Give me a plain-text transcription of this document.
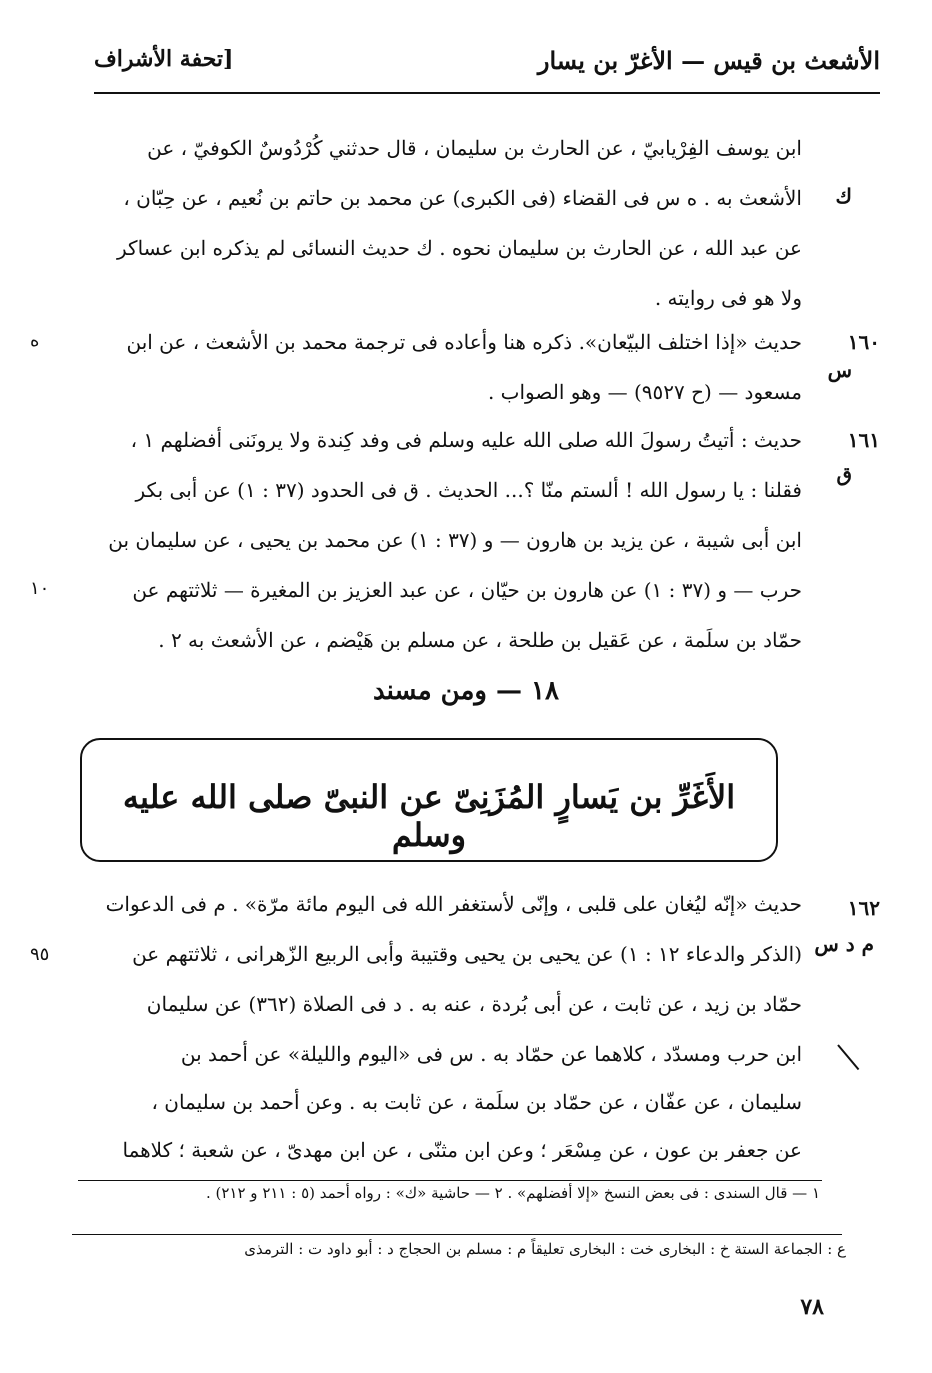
الأشعث بن قيس — الأغرّ بن يسار
[تحفة الأشراف
ابن يوسف الفِرْيابيّ ، عن الحارث بن سليمان ، قال حدثني كُرْدُوسٌ الكوفيّ ، عن
الأشعث به . ه س فى القضاء (فى الكبرى) عن محمد بن حاتم بن نُعيم ، عن حِبّان ،
عن عبد الله ، عن الحارث بن سليمان نحوه . ك حديث النسائى لم يذكره ابن عساكر
ولا هو فى روايته .
ك
١٦٠
س
ه	حديث «إذا اختلف البيّعان». ذكره هنا وأعاده فى ترجمة محمد بن الأشعث ، عن ابن
مسعود — (ح ٩٥٢٧) — وهو الصواب .
١٦١
ق
١٠
حديث : أتيتُ رسولَ الله صلى الله عليه وسلم فى وفد كِندة ولا يرونَنى أفضلهم ١ ،
فقلنا : يا رسول الله ! ألستم منّا ؟... الحديث . ق فى الحدود (٣٧ : ١) عن أبى بكر
ابن أبى شيبة ، عن يزيد بن هارون — و (٣٧ : ١) عن محمد بن يحيى ، عن سليمان بن
حرب — و (٣٧ : ١) عن هارون بن حيّان ، عن عبد العزيز بن المغيرة — ثلاثتهم عن
حمّاد بن سلَمة ، عن عَقيل بن طلحة ، عن مسلم بن هَيْضم ، عن الأشعث به ٢ .
١٨ — ومن مسند
الأَغَرِّ بن يَسارٍ المُزَنِىّ عن النبىّ صلى الله عليه وسلم
١٦٢
م د س
٩٥
حديث «إنّه ليُغان على قلبى ، وإنّى لأستغفر الله فى اليوم مائة مرّة» . م فى الدعوات
(الذكر والدعاء ١٢ : ١) عن يحيى بن يحيى وقتيبة وأبى الربيع الزّهرانى ، ثلاثتهم عن
حمّاد بن زيد ، عن ثابت ، عن أبى بُردة ، عنه به . د فى الصلاة (٣٦٢) عن سليمان
ابن حرب ومسدّد ، كلاهما عن حمّاد به . س فى «اليوم والليلة» عن أحمد بن
سليمان ، عن عفّان ، عن حمّاد بن سلَمة ، عن ثابت به . وعن أحمد بن سليمان ،
عن جعفر بن عون ، عن مِسْعَر ؛ وعن ابن مثنّى ، عن ابن مهدىّ ، عن شعبة ؛ كلاهما
١ — قال السندى : فى بعض النسخ «إلا أفضلهم» . ٢ — حاشية «ك» : رواه أحمد (٥ : ٢١١ و ٢١٢) .
ع : الجماعة الستة خ : البخارى خت : البخارى تعليقاً م : مسلم بن الحجاج د : أبو داود ت : الترمذى
٧٨
